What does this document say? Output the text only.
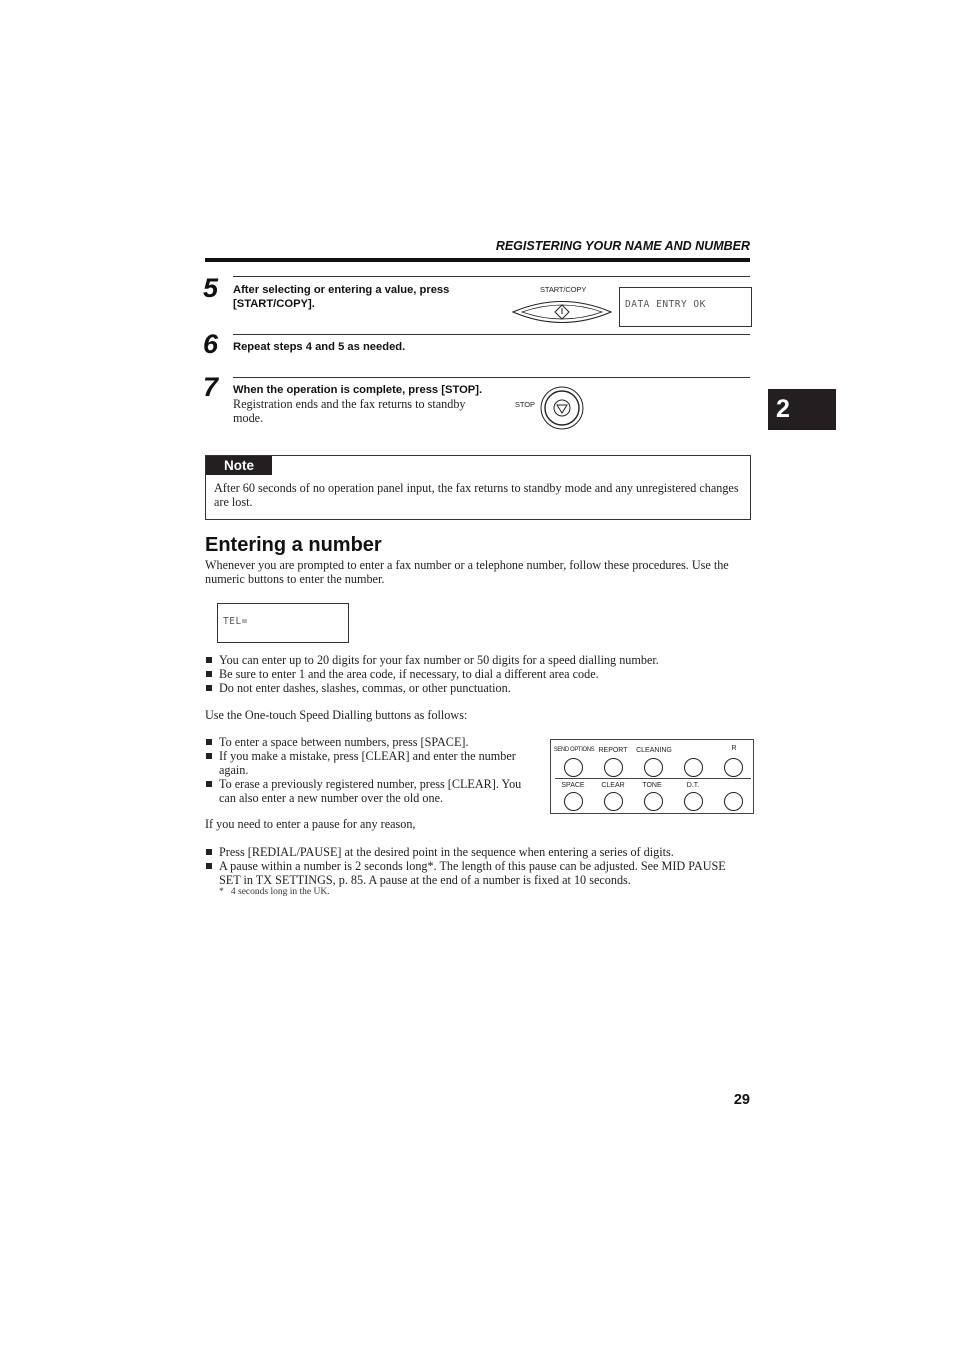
REGISTERING YOUR NAME AND NUMBER
2
5 After selecting or entering a value, press [START/COPY].
START/COPY
DATA ENTRY OK
6 Repeat steps 4 and 5 as needed.
7 When the operation is complete, press [STOP].
Registration ends and the fax returns to standby mode.
STOP
Note
After 60 seconds of no operation panel input, the fax returns to standby mode and any unregistered changes are lost.
Entering a number
Whenever you are prompted to enter a fax number or a telephone number, follow these procedures. Use the numeric buttons to enter the number.
TEL=
You can enter up to 20 digits for your fax number or 50 digits for a speed dialling number.
Be sure to enter 1 and the area code, if necessary, to dial a different area code.
Do not enter dashes, slashes, commas, or other punctuation.
Use the One-touch Speed Dialling buttons as follows:
To enter a space between numbers, press [SPACE].
If you make a mistake, press [CLEAR] and enter the number again.
To erase a previously registered number, press [CLEAR]. You can also enter a new number over the old one.
SEND OPTIONS REPORT	CLEANING	R
SPACE	CLEAR	TONE	D.T.
If you need to enter a pause for any reason,
Press [REDIAL/PAUSE] at the desired point in the sequence when entering a series of digits.
A pause within a number is 2 seconds long*. The length of this pause can be adjusted. See MID PAUSE SET in TX SETTINGS, p. 85. A pause at the end of a number is fixed at 10 seconds.
*   4 seconds long in the UK.
29
